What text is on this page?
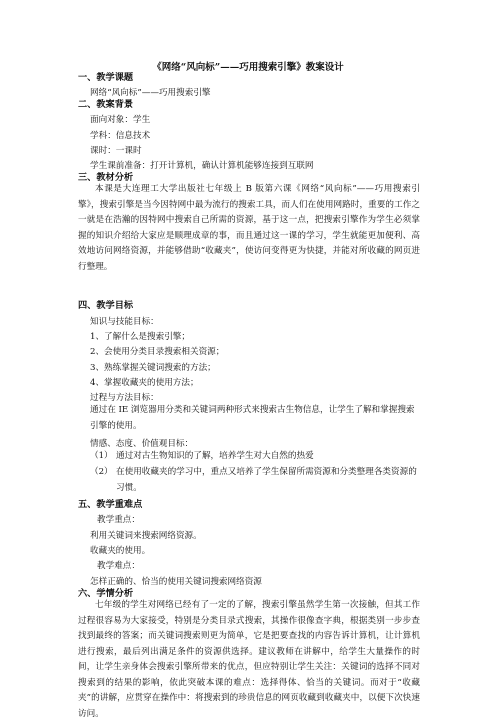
《网络“风向标”——巧用搜索引擎》教案设计
一、教学课题
网络“风向标”——巧用搜索引擎
二、教案背景
面向对象：学生
学科：信息技术
课时：一课时
学生课前准备：打开计算机，确认计算机能够连接到互联网
三、教材分析
本课是大连理工大学出版社七年级上 B 版第六课《网络“风向标”——巧用搜索引擎》，搜索引擎是当今因特网中最为流行的搜索工具，而人们在使用网路时，重要的工作之一就是在浩瀚的因特网中搜索自己所需的资源，基于这一点，把搜索引擎作为学生必须掌握的知识介绍给大家应是顺理成章的事，而且通过这一课的学习，学生就能更加便利、高效地访问网络资源，并能够借助“收藏夹”，使访问变得更为快捷，并能对所收藏的网页进行整理。
四、教学目标
知识与技能目标：
1、了解什么是搜索引擎；
2、会使用分类目录搜索相关资源；
3、熟练掌握关键词搜索的方法；
4、掌握收藏夹的使用方法；
过程与方法目标：
通过在 IE 浏览器用分类和关键词两种形式来搜索古生物信息，让学生了解和掌握搜索引擎的使用。
情感、态度、价值观目标：
（1） 通过对古生物知识的了解，培养学生对大自然的热爱
（2） 在使用收藏夹的学习中，重点又培养了学生保留所需资源和分类整理各类资源的习惯。
五、教学重难点
教学重点：
利用关键词来搜索网络资源。
收藏夹的使用。
教学难点：
怎样正确的、恰当的使用关键词搜索网络资源
六、学情分析
七年级的学生对网络已经有了一定的了解，搜索引擎虽然学生第一次接触，但其工作过程很容易为大家接受，特别是分类目录式搜索，其操作很像查字典，根据类别一步步查找到最终的答案；而关键词搜索则更为简单，它是把要查找的内容告诉计算机，让计算机进行搜索，最后列出满足条件的资源供选择。建议教师在讲解中，给学生大量操作的时间，让学生亲身体会搜索引擎所带来的优点，但应特别让学生关注：关键词的选择不同对搜索到的结果的影响，依此突破本课的难点：选择得体、恰当的关键词。而对于“收藏夹”的讲解，应贯穿在操作中：将搜索到的珍贵信息的网页收藏到收藏夹中，以便下次快速访问。
